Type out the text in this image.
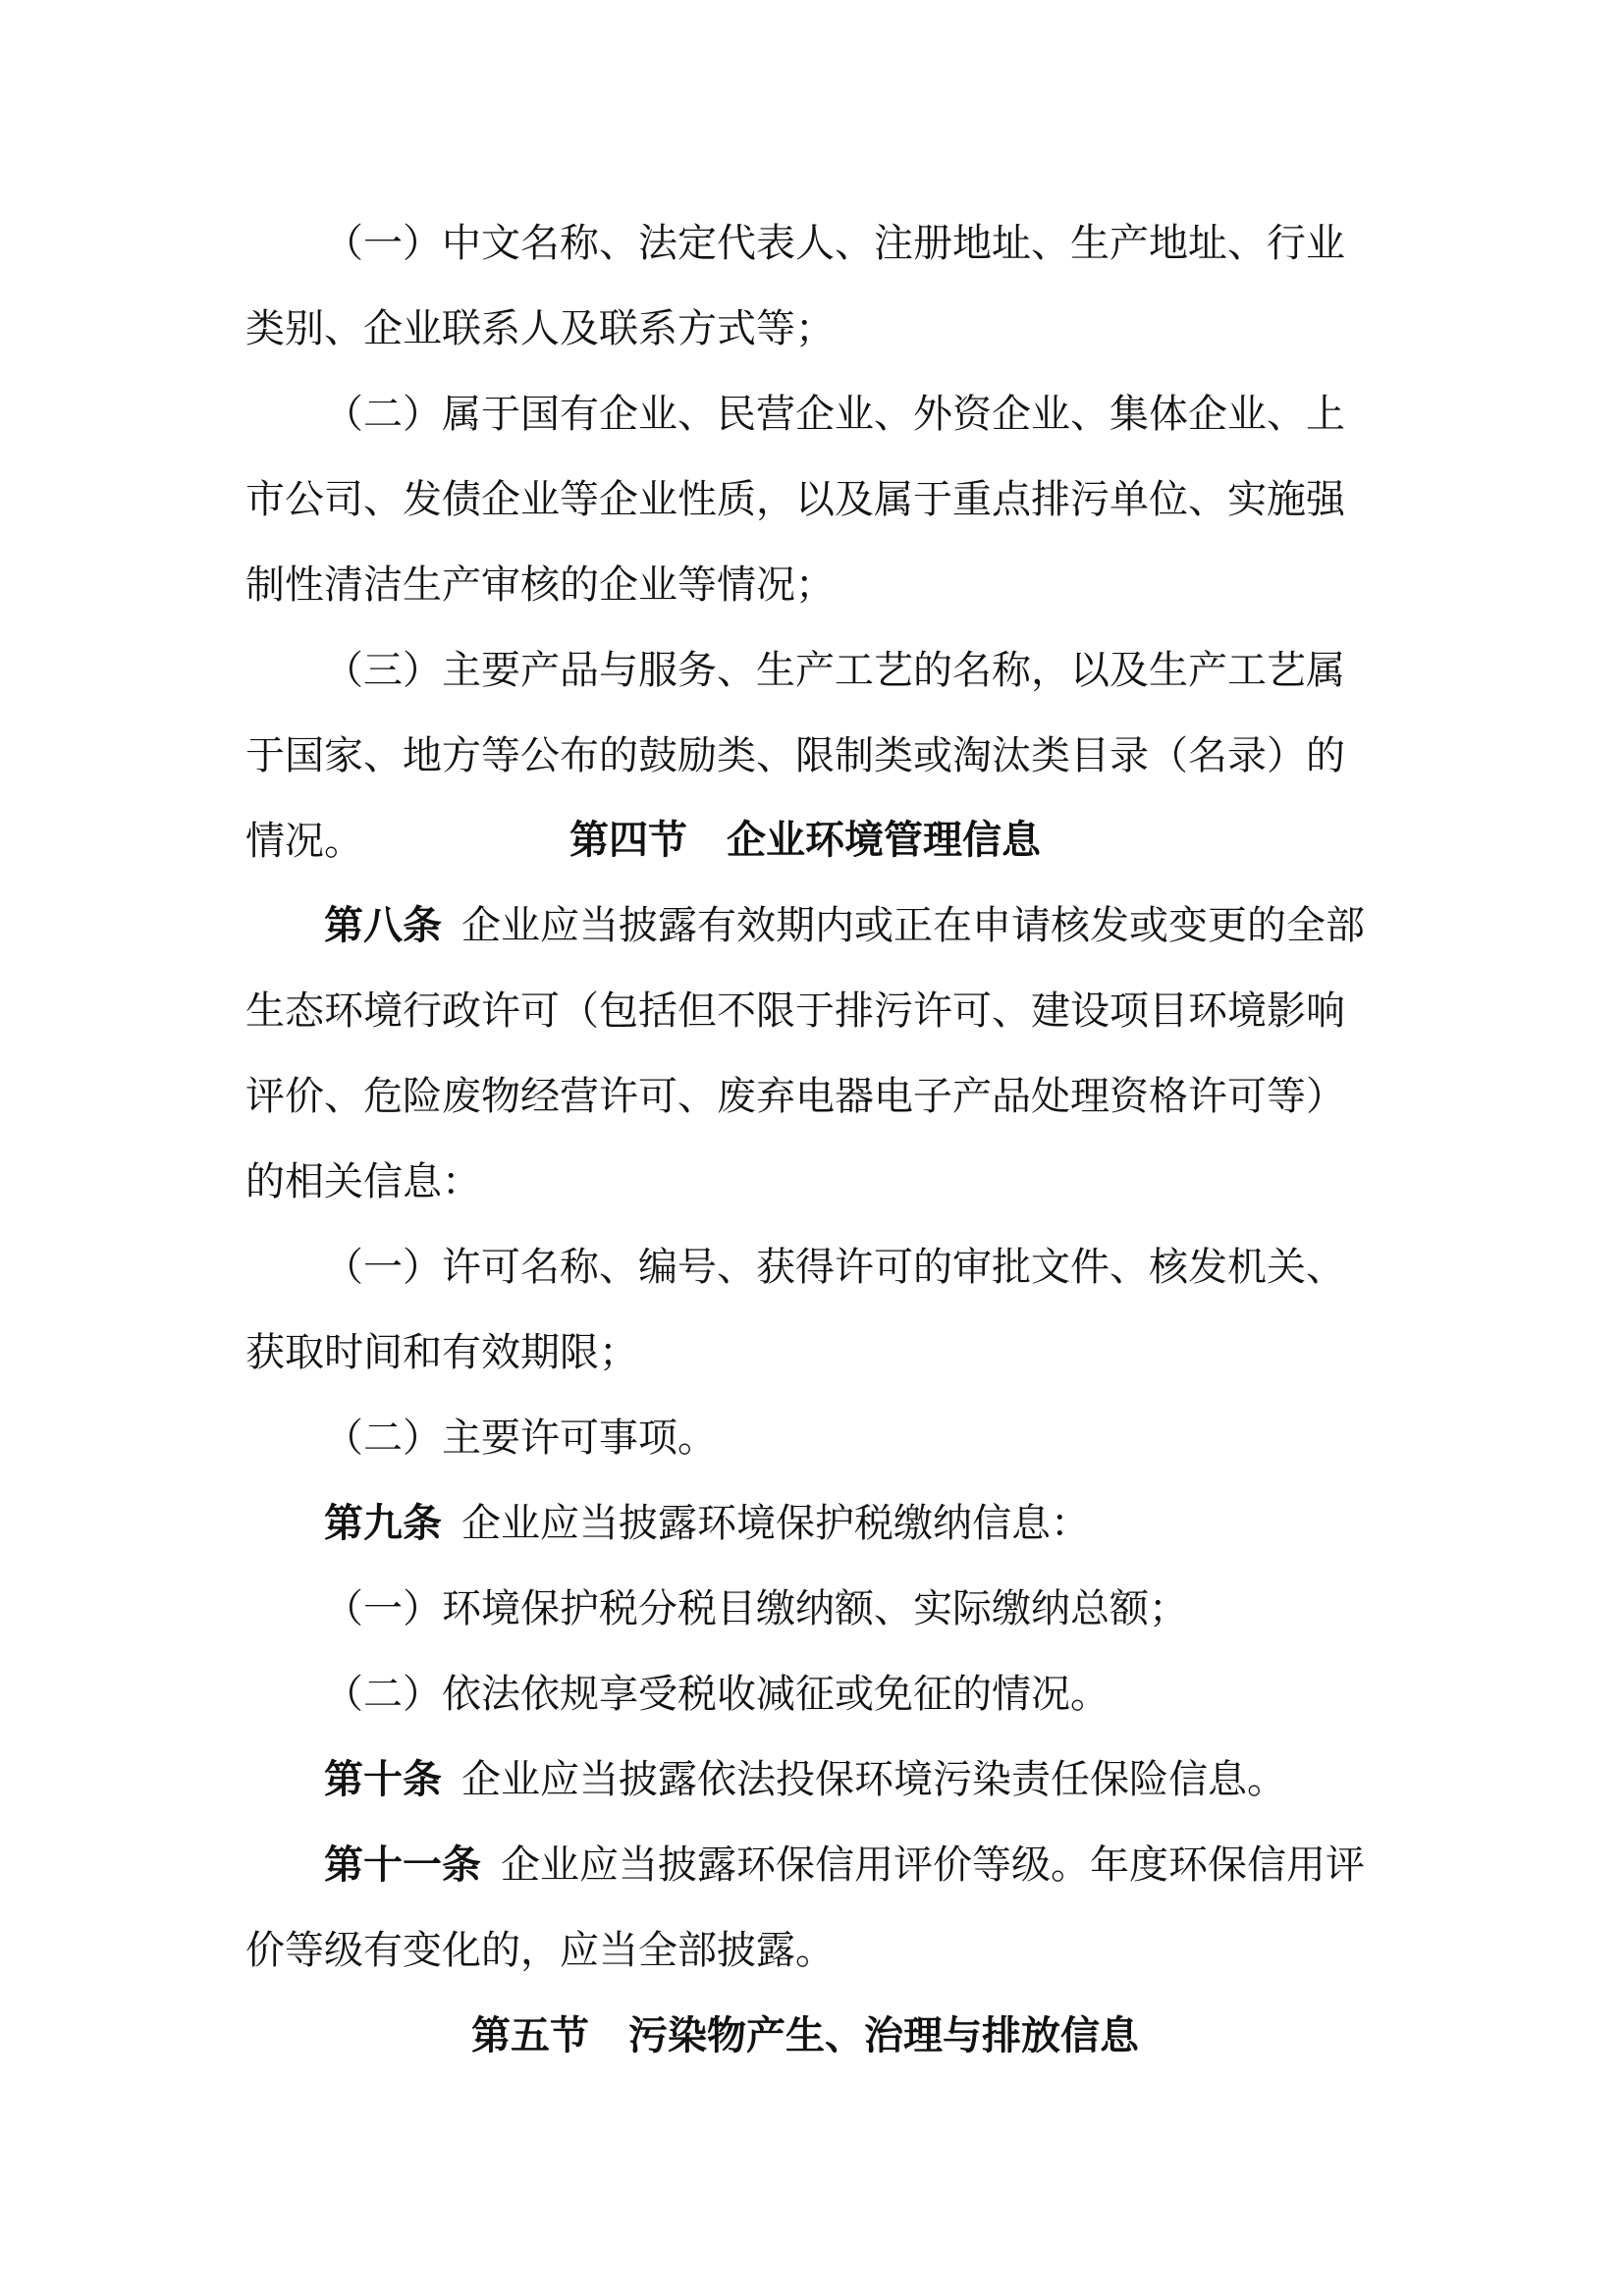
（一）中文名称、法定代表人、注册地址、生产地址、行业类别、企业联系人及联系方式等；

（二）属于国有企业、民营企业、外资企业、集体企业、上市公司、发债企业等企业性质，以及属于重点排污单位、实施强制性清洁生产审核的企业等情况；

（三）主要产品与服务、生产工艺的名称，以及生产工艺属于国家、地方等公布的鼓励类、限制类或淘汰类目录（名录）的情况。	第四节　企业环境管理信息

第八条 企业应当披露有效期内或正在申请核发或变更的全部生态环境行政许可（包括但不限于排污许可、建设项目环境影响评价、危险废物经营许可、废弃电器电子产品处理资格许可等）的相关信息：

（一）许可名称、编号、获得许可的审批文件、核发机关、获取时间和有效期限；

（二）主要许可事项。

第九条 企业应当披露环境保护税缴纳信息：

（一）环境保护税分税目缴纳额、实际缴纳总额；

（二）依法依规享受税收减征或免征的情况。

第十条 企业应当披露依法投保环境污染责任保险信息。

第十一条 企业应当披露环保信用评价等级。年度环保信用评价等级有变化的，应当全部披露。

第五节　污染物产生、治理与排放信息
